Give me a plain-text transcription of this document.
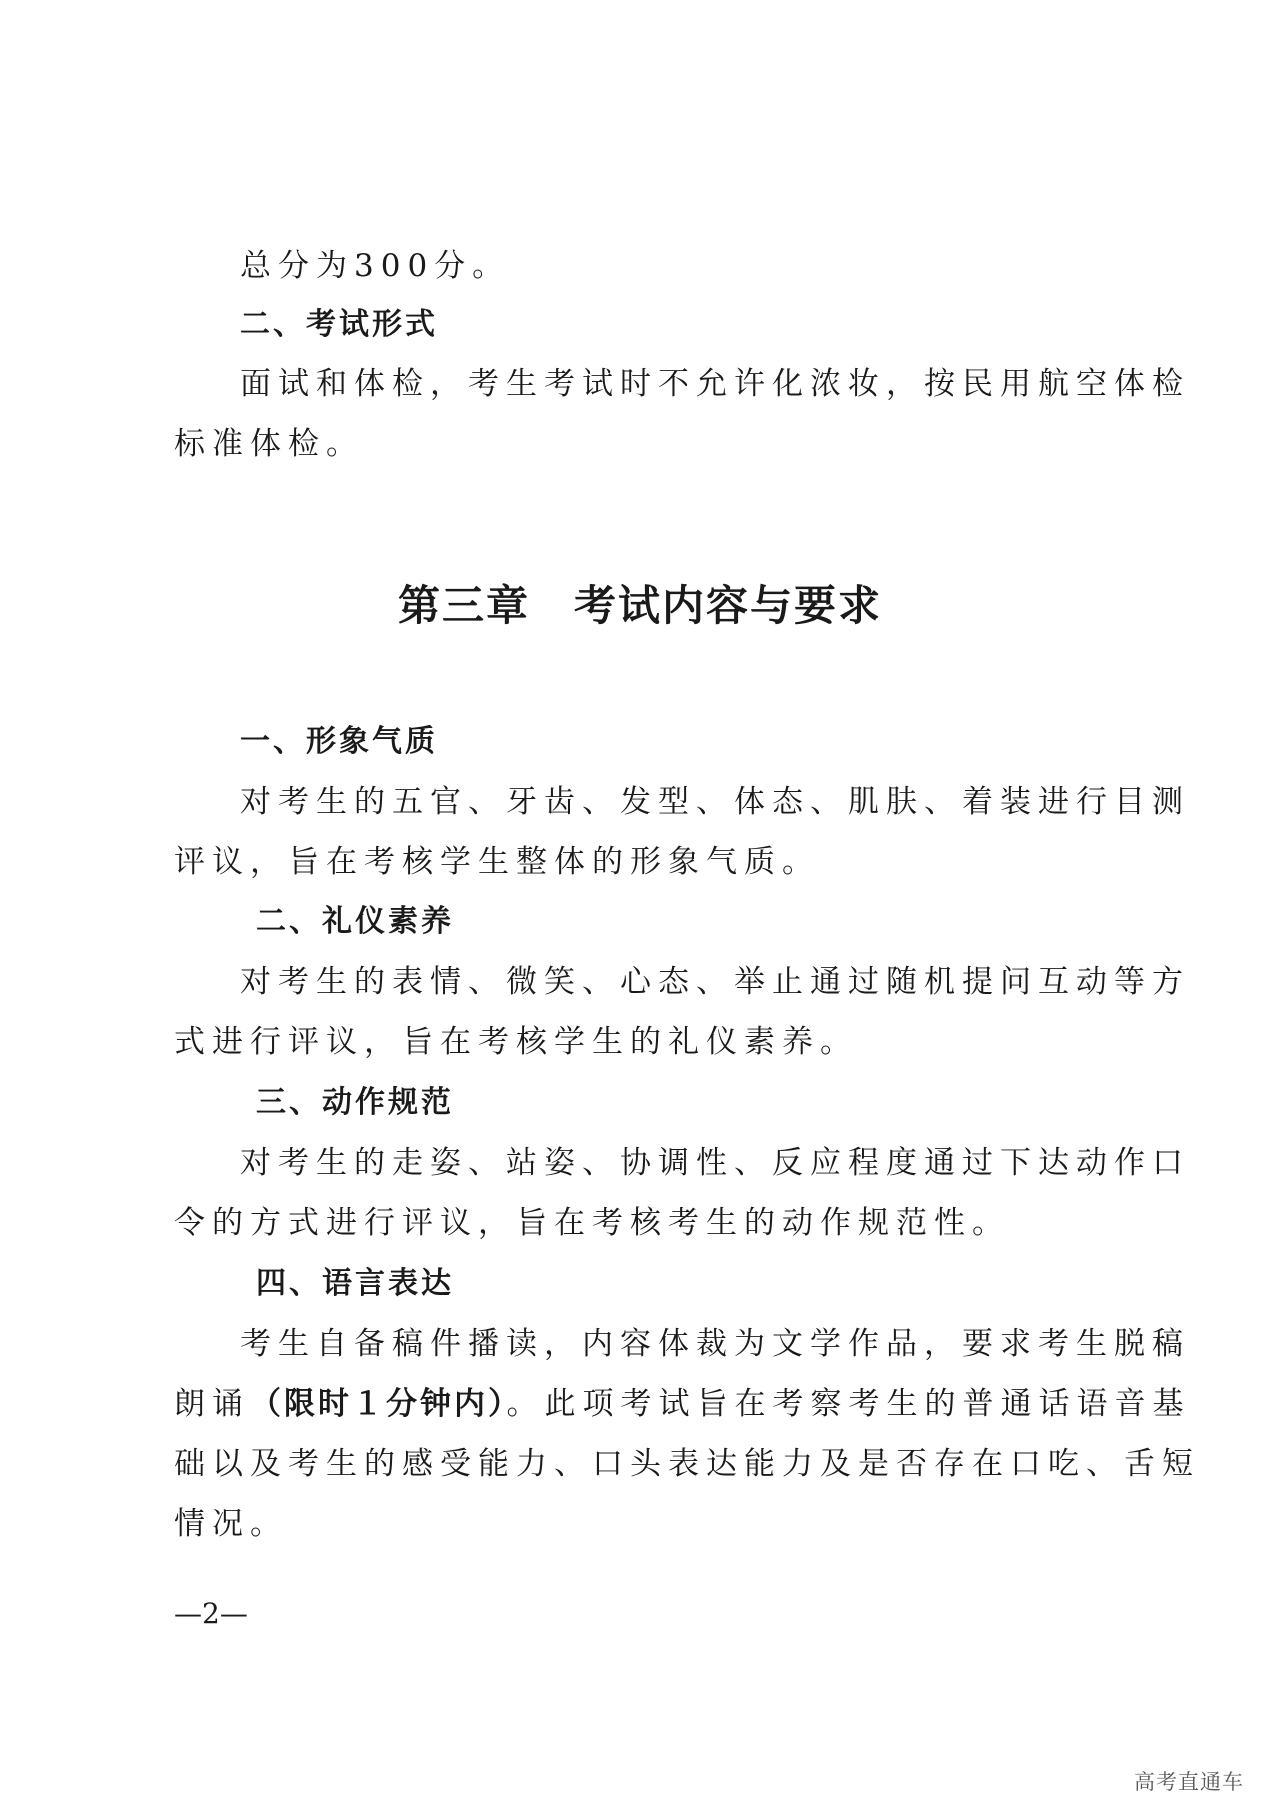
总分为300分。
二、考试形式
面试和体检，考生考试时不允许化浓妆，按民用航空体检
标准体检。
第三章　考试内容与要求
一、形象气质
对考生的五官、牙齿、发型、体态、肌肤、着装进行目测
评议，旨在考核学生整体的形象气质。
二、礼仪素养
对考生的表情、微笑、心态、举止通过随机提问互动等方
式进行评议，旨在考核学生的礼仪素养。
三、动作规范
对考生的走姿、站姿、协调性、反应程度通过下达动作口
令的方式进行评议，旨在考核考生的动作规范性。
四、语言表达
考生自备稿件播读，内容体裁为文学作品，要求考生脱稿
朗诵（限时１分钟内）。此项考试旨在考察考生的普通话语音基
础以及考生的感受能力、口头表达能力及是否存在口吃、舌短
情况。
—2—
高考直通车
